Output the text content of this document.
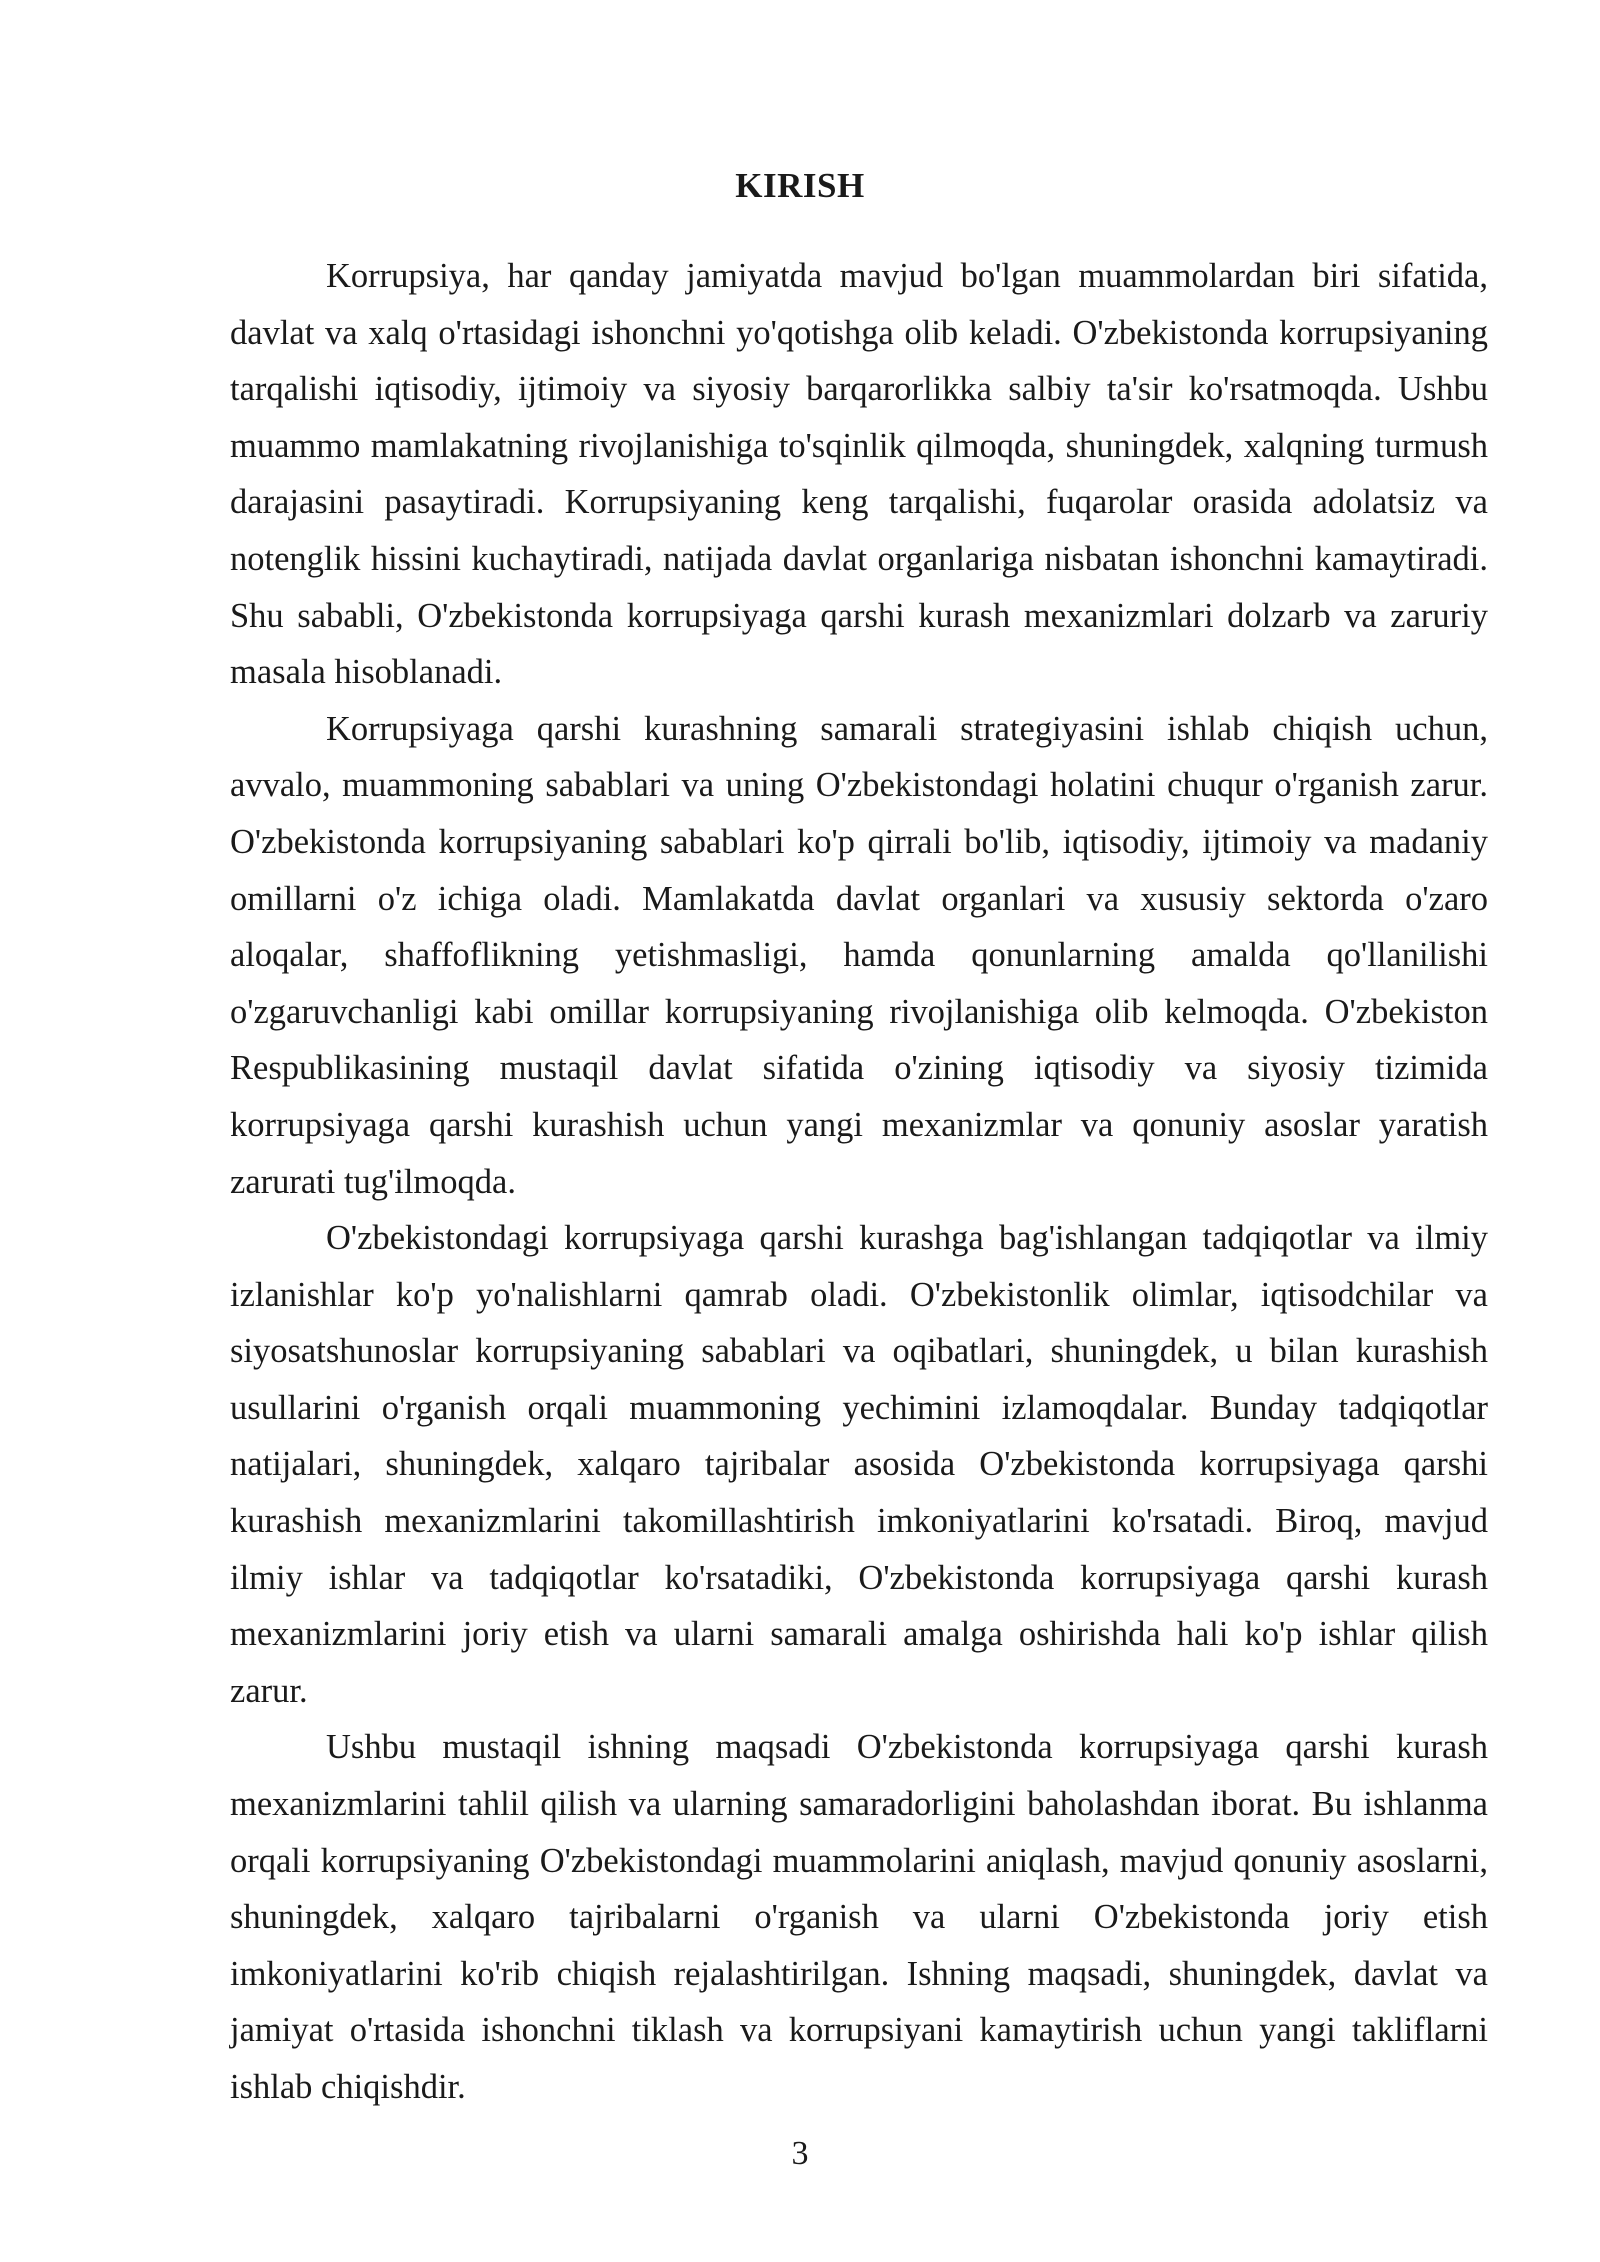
KIRISH

Korrupsiya, har qanday jamiyatda mavjud bo'lgan muammolardan biri sifatida, davlat va xalq o'rtasidagi ishonchni yo'qotishga olib keladi. O'zbekistonda korrupsiyaning tarqalishi iqtisodiy, ijtimoiy va siyosiy barqarorlikka salbiy ta'sir ko'rsatmoqda. Ushbu muammo mamlakatning rivojlanishiga to'sqinlik qilmoqda, shuningdek, xalqning turmush darajasini pasaytiradi. Korrupsiyaning keng tarqalishi, fuqarolar orasida adolatsiz va notenglik hissini kuchaytiradi, natijada davlat organlariga nisbatan ishonchni kamaytiradi. Shu sababli, O'zbekistonda korrupsiyaga qarshi kurash mexanizmlari dolzarb va zaruriy masala hisoblanadi.

Korrupsiyaga qarshi kurashning samarali strategiyasini ishlab chiqish uchun, avvalo, muammoning sabablari va uning O'zbekistondagi holatini chuqur o'rganish zarur. O'zbekistonda korrupsiyaning sabablari ko'p qirrali bo'lib, iqtisodiy, ijtimoiy va madaniy omillarni o'z ichiga oladi. Mamlakatda davlat organlari va xususiy sektorda o'zaro aloqalar, shaffoflikning yetishmasligi, hamda qonunlarning amalda qo'llanilishi o'zgaruvchanligi kabi omillar korrupsiyaning rivojlanishiga olib kelmoqda. O'zbekiston Respublikasining mustaqil davlat sifatida o'zining iqtisodiy va siyosiy tizimida korrupsiyaga qarshi kurashish uchun yangi mexanizmlar va qonuniy asoslar yaratish zarurati tug'ilmoqda.

O'zbekistondagi korrupsiyaga qarshi kurashga bag'ishlangan tadqiqotlar va ilmiy izlanishlar ko'p yo'nalishlarni qamrab oladi. O'zbekistonlik olimlar, iqtisodchilar va siyosatshunoslar korrupsiyaning sabablari va oqibatlari, shuningdek, u bilan kurashish usullarini o'rganish orqali muammoning yechimini izlamoqdalar. Bunday tadqiqotlar natijalari, shuningdek, xalqaro tajribalar asosida O'zbekistonda korrupsiyaga qarshi kurashish mexanizmlarini takomillashtirish imkoniyatlarini ko'rsatadi. Biroq, mavjud ilmiy ishlar va tadqiqotlar ko'rsatadiki, O'zbekistonda korrupsiyaga qarshi kurash mexanizmlarini joriy etish va ularni samarali amalga oshirishda hali ko'p ishlar qilish zarur.

Ushbu mustaqil ishning maqsadi O'zbekistonda korrupsiyaga qarshi kurash mexanizmlarini tahlil qilish va ularning samaradorligini baholashdan iborat. Bu ishlanma orqali korrupsiyaning O'zbekistondagi muammolarini aniqlash, mavjud qonuniy asoslarni, shuningdek, xalqaro tajribalarni o'rganish va ularni O'zbekistonda joriy etish imkoniyatlarini ko'rib chiqish rejalashtirilgan. Ishning maqsadi, shuningdek, davlat va jamiyat o'rtasida ishonchni tiklash va korrupsiyani kamaytirish uchun yangi takliflarni ishlab chiqishdir.

3
